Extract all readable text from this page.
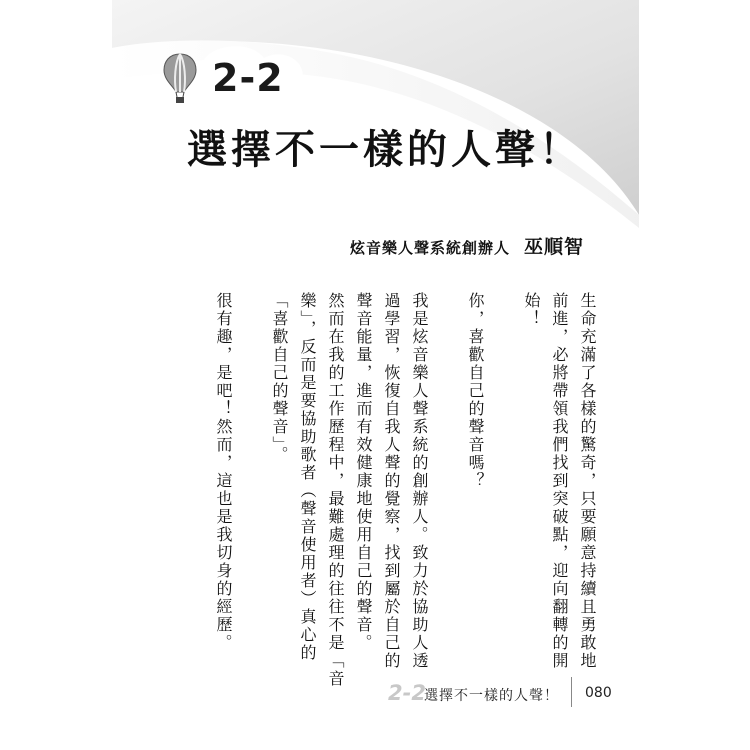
2-2
選擇不一樣的人聲！
炫音樂人聲系統創辦人 巫順智
生命充滿了各樣的驚奇，只要願意持續且勇敢地
前進，必將帶領我們找到突破點，迎向翻轉的開
始！
你，喜歡自己的聲音嗎？
我是炫音樂人聲系統的創辦人。致力於協助人透
過學習，恢復自我人聲的覺察，找到屬於自己的
聲音能量，進而有效健康地使用自己的聲音。
然而在我的工作歷程中，最難處理的往往不是「音
樂」，反而是要協助歌者（聲音使用者）真心的
「喜歡自己的聲音」。
很有趣，是吧！然而，這也是我切身的經歷。
2-2
選擇不一樣的人聲！ 080
